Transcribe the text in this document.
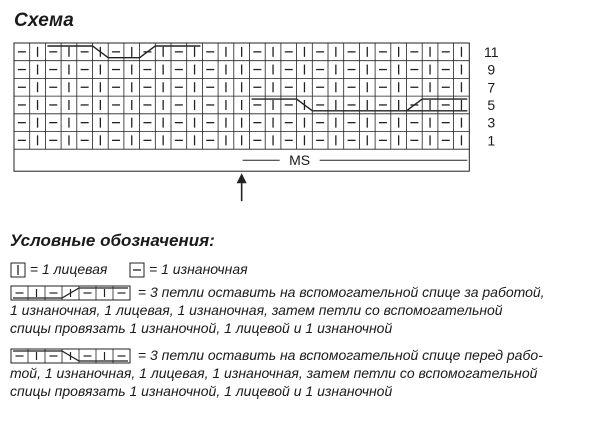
Схема
11
9
7
5
3
1
MS
Условные обозначения:
= 1 лицевая	= 1 изнаночная
= 3 петли оставить на вспомогательной спице за работой,
1 изнаночная, 1 лицевая, 1 изнаночная, затем петли со вспомогательной
спицы провязать 1 изнаночной, 1 лицевой и 1 изнаночной
= 3 петли оставить на вспомогательной спице перед рабо-
той, 1 изнаночная, 1 лицевая, 1 изнаночная, затем петли со вспомогательной
спицы провязать 1 изнаночной, 1 лицевой и 1 изнаночной
